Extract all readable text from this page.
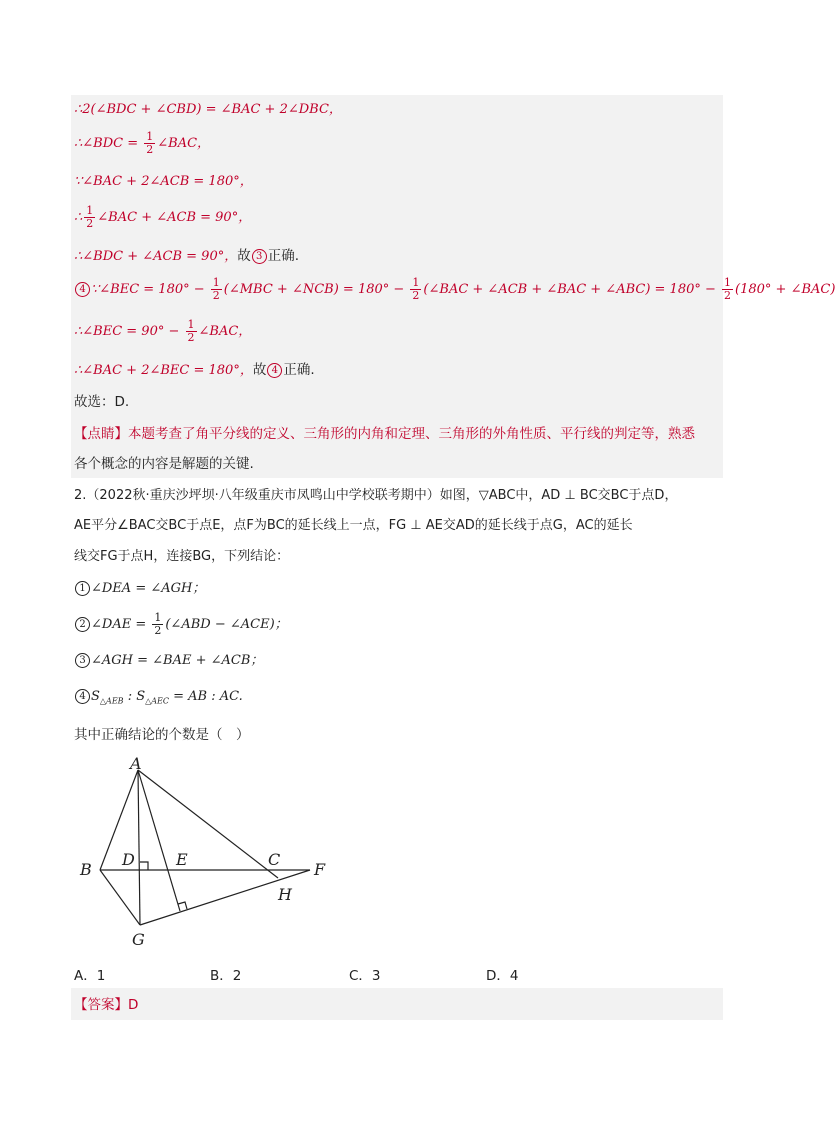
∴2(∠BDC + ∠CBD) = ∠BAC + 2∠DBC，
∴∠BDC = $\frac{1}{2}$ ∠BAC，
∵∠BAC + 2∠ACB = 180°，
∴ $\frac{1}{2}$ ∠BAC + ∠ACB = 90°，
∴∠BDC + ∠ACB = 90°，故 3 正确.
4 ∵∠BEC = $180^\circ - \frac{1}{2}$ (∠MBC + ∠NCB) = $180^\circ - \frac{1}{2}$ (∠BAC + ∠ACB + ∠BAC + ∠ABC) = $180^\circ - \frac{1}{2} (180^\circ$ + ∠BAC)
∴∠BEC = $90^\circ - \frac{1}{2}$ ∠BAC，
∴∠BAC + 2∠BEC = 180°，故 4 正确.
故选：D.
【点睛】本题考查了角平分线的定义、三角形的内角和定理、三角形的外角性质、平行线的判定等，熟悉
各个概念的内容是解题的关键.
2.（2022秋·重庆沙坪坝·八年级重庆市凤鸣山中学校联考期中）如图，▽ABC中，AD ⊥ BC交BC于点D，
AE平分∠BAC交BC于点E，点F为BC的延长线上一点，FG ⊥ AE交AD的延长线于点G，AC的延长
线交FG于点H，连接BG，下列结论：
1 ∠DEA = ∠AGH；
2 ∠DAE = $\frac{1}{2}$ (∠ABD − ∠ACE)；
3 ∠AGH = ∠BAE + ∠ACB；
4 $S_{\triangle AEB}$ : $S_{\triangle AEC}$ = AB : AC.
其中正确结论的个数是（　）
A
B
D	E	C
F
H
G
A．1	B．2	C．3	D．4
【答案】D
